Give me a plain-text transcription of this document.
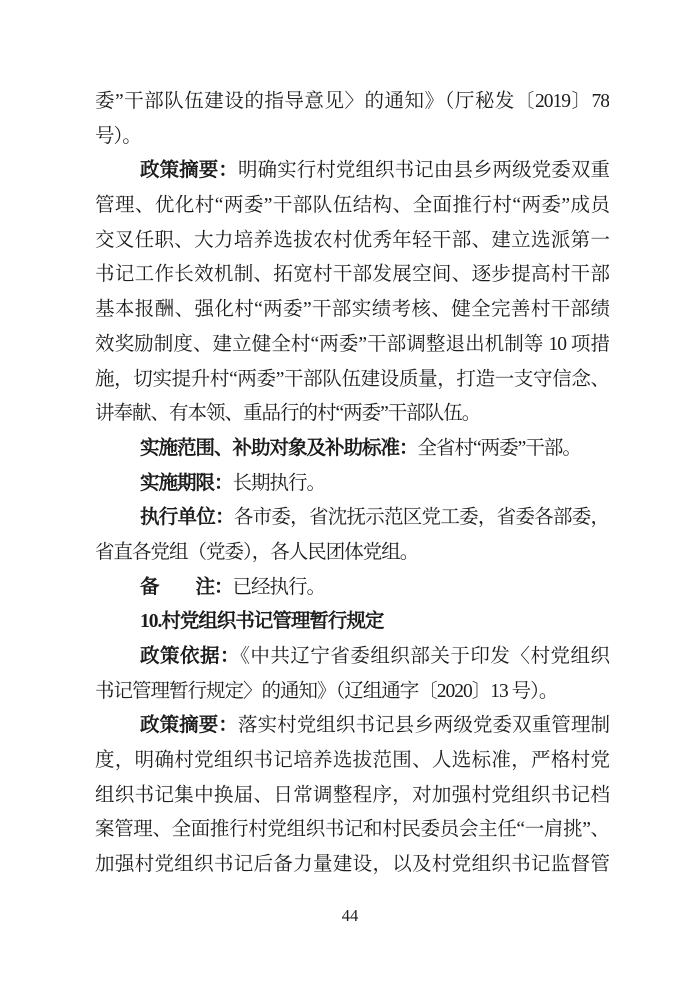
委”干部队伍建设的指导意见〉的通知》（厅秘发〔2019〕78
号）。
政策摘要：明确实行村党组织书记由县乡两级党委双重
管理、优化村“两委”干部队伍结构、全面推行村“两委”成员
交叉任职、大力培养选拔农村优秀年轻干部、建立选派第一
书记工作长效机制、拓宽村干部发展空间、逐步提高村干部
基本报酬、强化村“两委”干部实绩考核、健全完善村干部绩
效奖励制度、建立健全村“两委”干部调整退出机制等 10 项措
施，切实提升村“两委”干部队伍建设质量，打造一支守信念、
讲奉献、有本领、重品行的村“两委”干部队伍。
实施范围、补助对象及补助标准：全省村“两委”干部。
实施期限：长期执行。
执行单位：各市委，省沈抚示范区党工委，省委各部委，
省直各党组（党委），各人民团体党组。
备　　注：已经执行。
10.村党组织书记管理暂行规定
政策依据：《中共辽宁省委组织部关于印发〈村党组织
书记管理暂行规定〉的通知》（辽组通字〔2020〕13 号）。
政策摘要：落实村党组织书记县乡两级党委双重管理制
度，明确村党组织书记培养选拔范围、人选标准，严格村党
组织书记集中换届、日常调整程序，对加强村党组织书记档
案管理、全面推行村党组织书记和村民委员会主任“一肩挑”、
加强村党组织书记后备力量建设，以及村党组织书记监督管
44
